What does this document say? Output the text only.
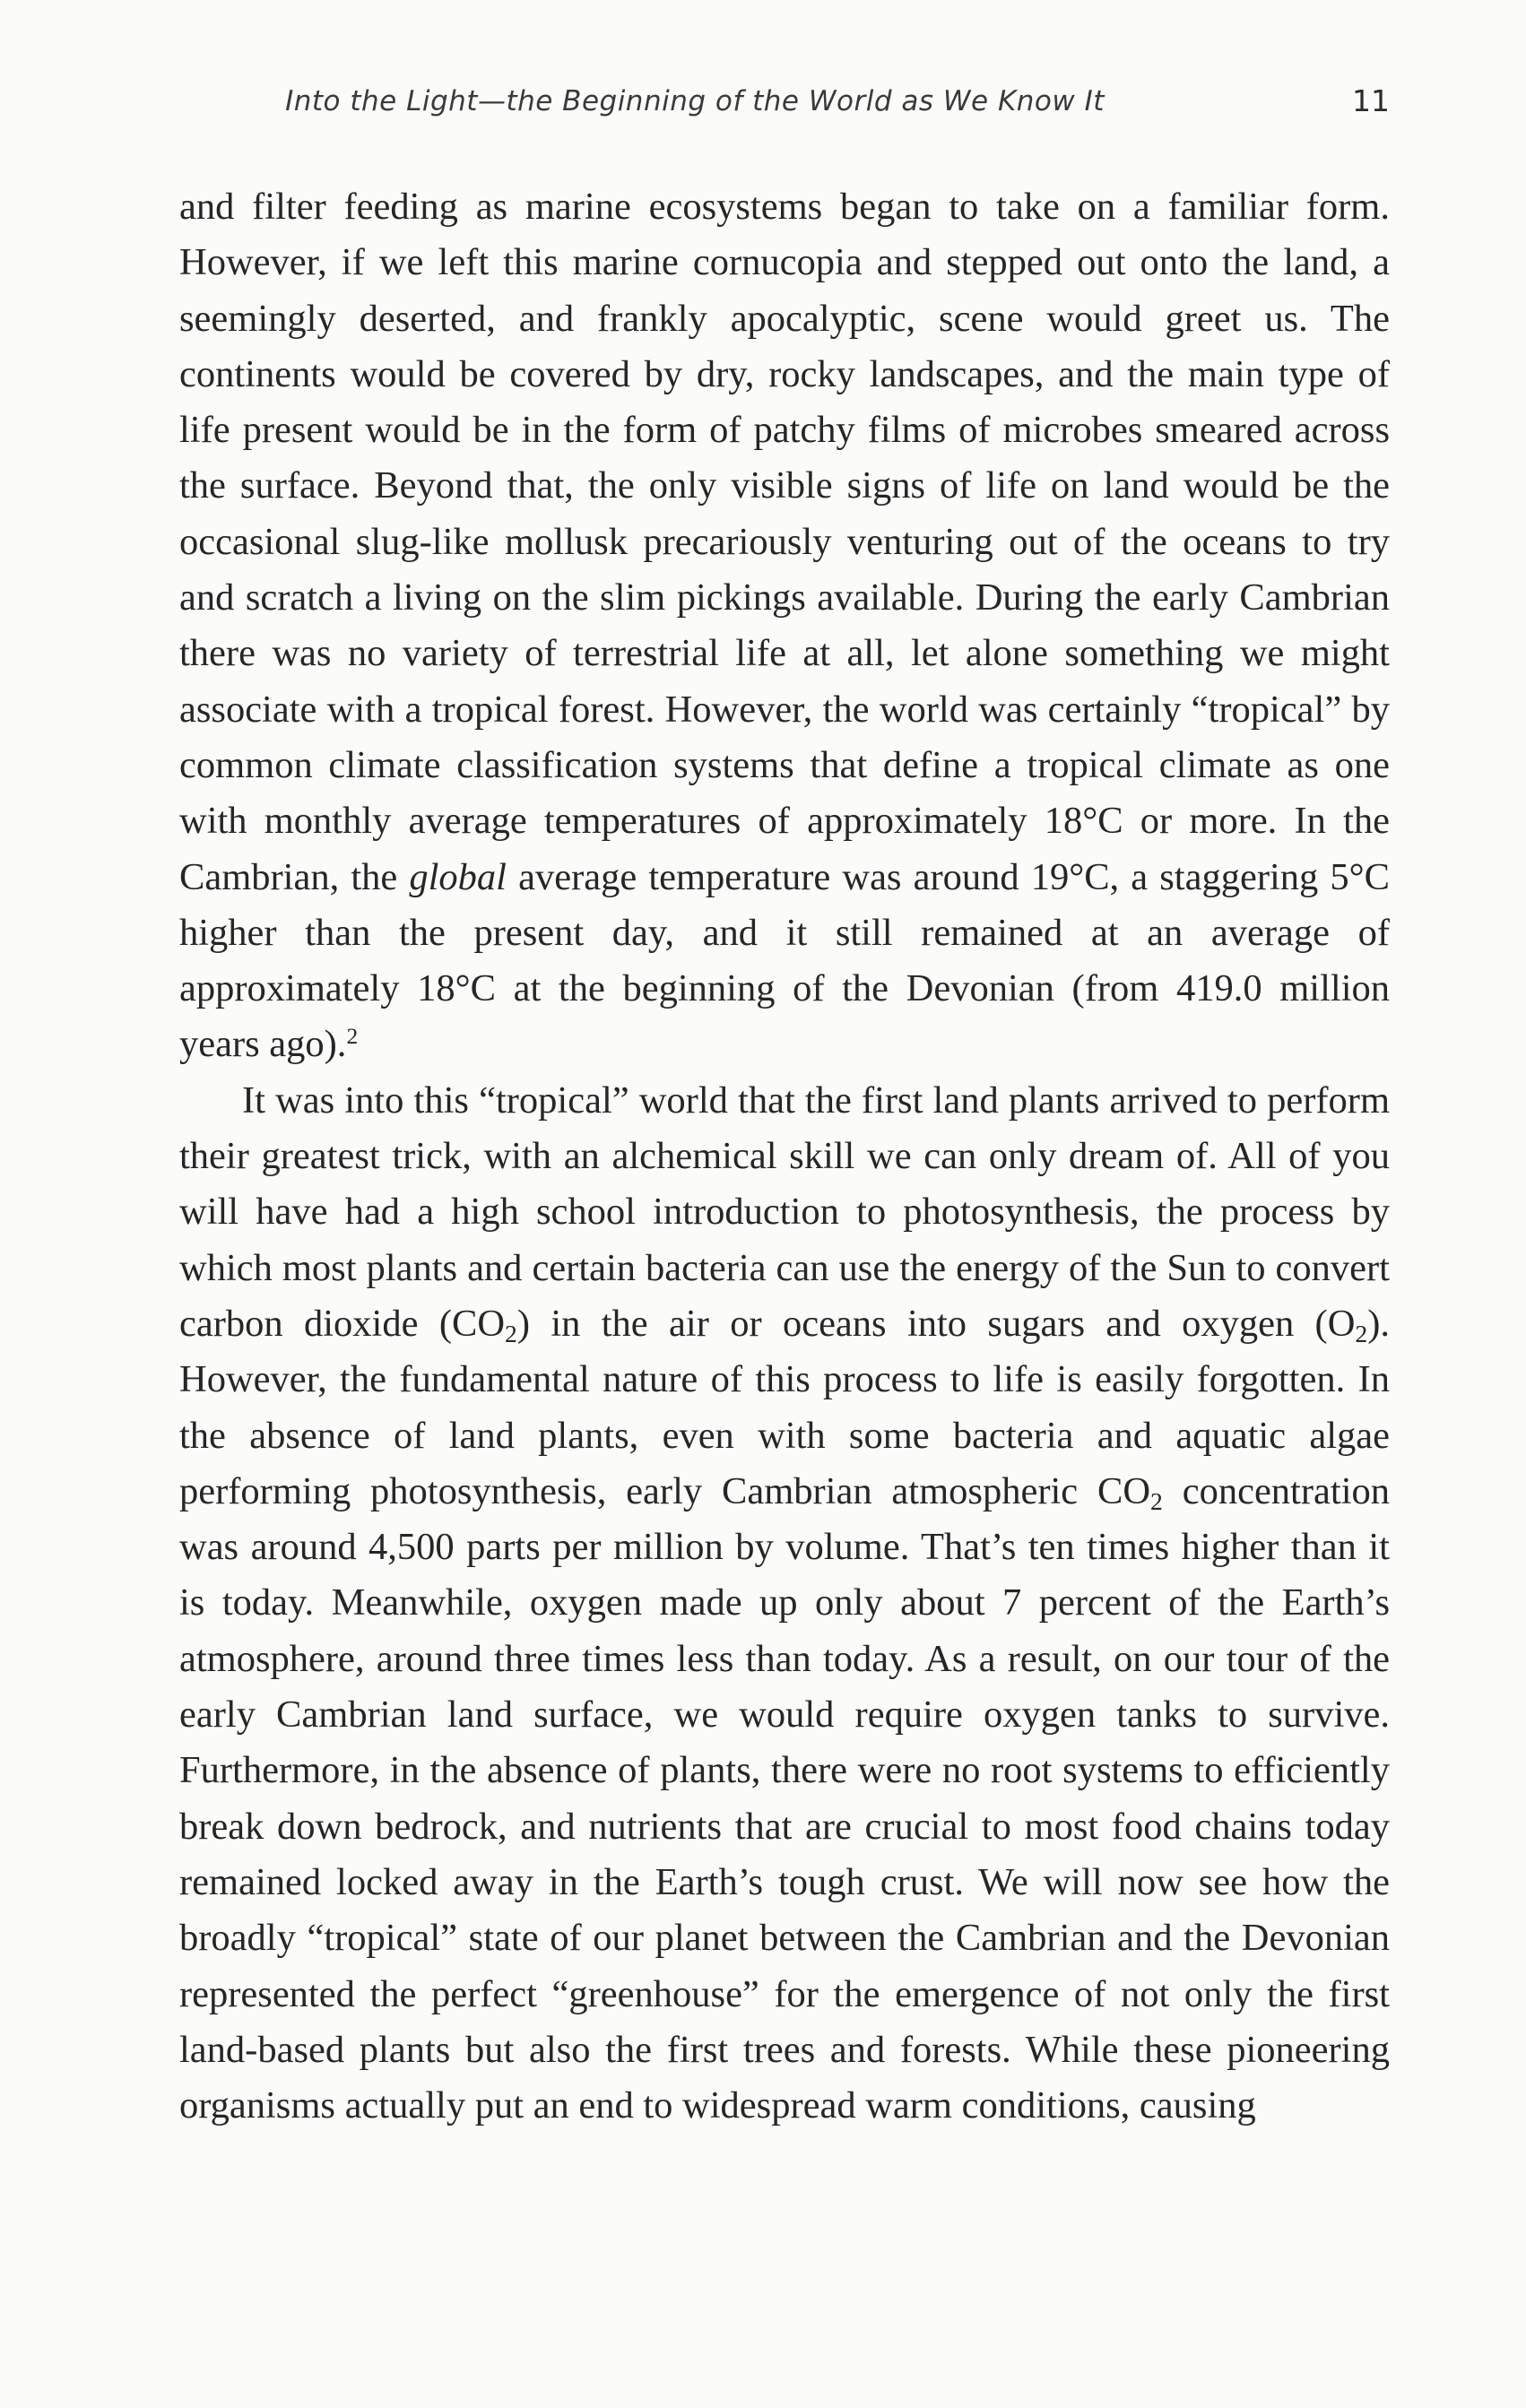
Into the Light—the Beginning of the World as We Know It	11

and filter feeding as marine ecosystems began to take on a familiar form. However, if we left this marine cornucopia and stepped out onto the land, a seemingly deserted, and frankly apocalyptic, scene would greet us. The continents would be covered by dry, rocky landscapes, and the main type of life present would be in the form of patchy films of microbes smeared across the surface. Beyond that, the only visible signs of life on land would be the occasional slug-like mollusk precariously venturing out of the oceans to try and scratch a living on the slim pickings available. During the early Cambrian there was no variety of terrestrial life at all, let alone something we might associate with a tropical forest. However, the world was certainly “tropical” by common climate classification systems that define a tropical climate as one with monthly average temperatures of approximately 18°C or more. In the Cambrian, the global average temperature was around 19°C, a staggering 5°C higher than the present day, and it still remained at an average of approximately 18°C at the beginning of the Devonian (from 419.0 million years ago).$^2$

It was into this “tropical” world that the first land plants arrived to perform their greatest trick, with an alchemical skill we can only dream of. All of you will have had a high school introduction to photosynthesis, the process by which most plants and certain bacteria can use the energy of the Sun to convert carbon dioxide $(CO_2)$ in the air or oceans into sugars and oxygen $(O_2)$. However, the fundamental nature of this process to life is easily forgotten. In the absence of land plants, even with some bacteria and aquatic algae performing photosynthesis, early Cambrian atmospheric $CO_2$ concentration was around 4,500 parts per million by volume. That’s ten times higher than it is today. Meanwhile, oxygen made up only about 7 percent of the Earth’s atmosphere, around three times less than today. As a result, on our tour of the early Cambrian land surface, we would require oxygen tanks to survive. Furthermore, in the absence of plants, there were no root systems to efficiently break down bedrock, and nutrients that are crucial to most food chains today remained locked away in the Earth’s tough crust. We will now see how the broadly “tropical” state of our planet between the Cambrian and the Devonian represented the perfect “greenhouse” for the emergence of not only the first land-based plants but also the first trees and forests. While these pioneering organisms actually put an end to widespread warm conditions, causing
